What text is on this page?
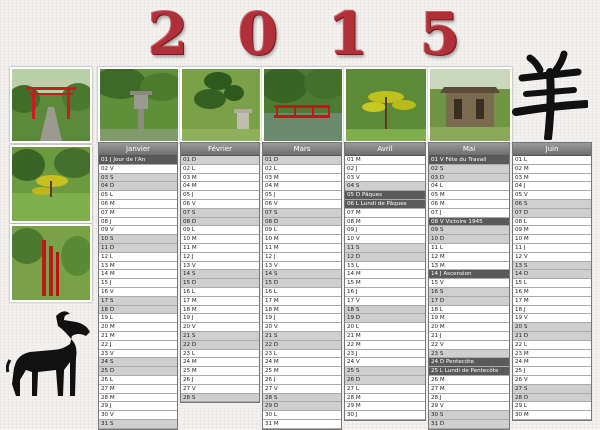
2 0 1 5
Janvier
01 J Jour de l'An
02 V
03 S
04 D
05 L
06 M
07 M
08 J
09 V
10 S
11 D
12 L
13 M
14 M
15 J
16 V
17 S
18 D
19 L
20 M
21 M
22 J
23 V
24 S
25 D
26 L
27 M
28 M
29 J
30 V
31 S
Février
01 D
02 L
03 M
04 M
05 J
06 V
07 S
08 D
09 L
10 M
11 M
12 J
13 V
14 S
15 D
16 L
17 M
18 M
19 J
20 V
21 S
22 D
23 L
24 M
25 M
26 J
27 V
28 S
Mars
01 D
02 L
03 M
04 M
05 J
06 V
07 S
08 D
09 L
10 M
11 M
12 J
13 V
14 S
15 D
16 L
17 M
18 M
19 J
20 V
21 S
22 D
23 L
24 M
25 M
26 J
27 V
28 S
29 D
30 L
31 M
Avril
01 M
02 J
03 V
04 S
05 D Pâques
06 L Lundi de Pâques
07 M
08 M
09 J
10 V
11 S
12 D
13 L
14 M
15 M
16 J
17 V
18 S
19 D
20 L
21 M
22 M
23 J
24 V
25 S
26 D
27 L
28 M
29 M
30 J
Mai
01 V Fête du Travail
02 S
03 D
04 L
05 M
06 M
07 J
08 V Victoire 1945
09 S
10 D
11 L
12 M
13 M
14 J Ascension
15 V
16 S
17 D
18 L
19 M
20 M
21 J
22 V
23 S
24 D Pentecôte
25 L Lundi de Pentecôte
26 M
27 M
28 J
29 V
30 S
31 D
Juin
01 L
02 M
03 M
04 J
05 V
06 S
07 D
08 L
09 M
10 M
11 J
12 V
13 S
14 D
15 L
16 M
17 M
18 J
19 V
20 S
21 D
22 L
23 M
24 M
25 J
26 V
27 S
28 D
29 L
30 M
